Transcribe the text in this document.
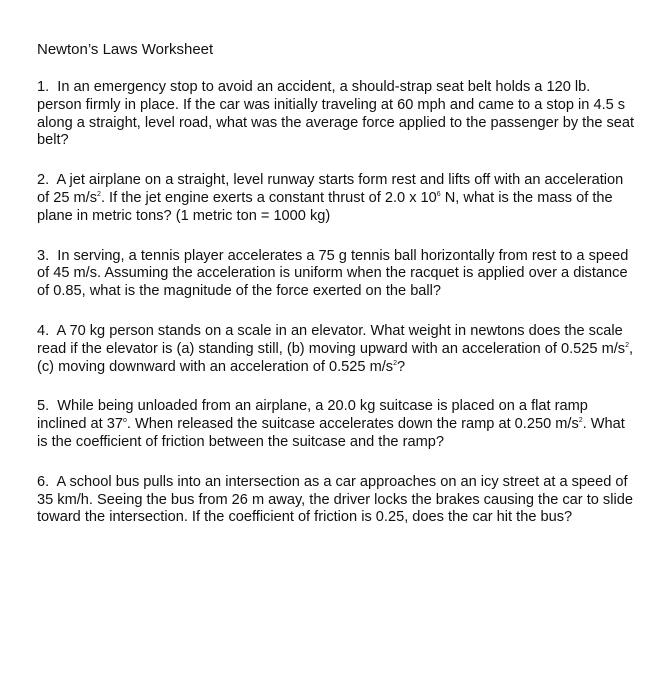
Newton’s Laws Worksheet

1. In an emergency stop to avoid an accident, a should-strap seat belt holds a 120 lb. person firmly in place. If the car was initially traveling at 60 mph and came to a stop in 4.5 s along a straight, level road, what was the average force applied to the passenger by the seat belt?

2. A jet airplane on a straight, level runway starts form rest and lifts off with an acceleration of 25 $m/s^2$. If the jet engine exerts a constant thrust of 2.0 x $10^6$ N, what is the mass of the plane in metric tons? (1 metric ton = 1000 kg)

3. In serving, a tennis player accelerates a 75 g tennis ball horizontally from rest to a speed of 45 m/s. Assuming the acceleration is uniform when the racquet is applied over a distance of 0.85, what is the magnitude of the force exerted on the ball?

4. A 70 kg person stands on a scale in an elevator. What weight in newtons does the scale read if the elevator is (a) standing still, (b) moving upward with an acceleration of 0.525 $m/s^2$, (c) moving downward with an acceleration of 0.525 $m/s^2$?

5. While being unloaded from an airplane, a 20.0 kg suitcase is placed on a flat ramp inclined at 37$^o$. When released the suitcase accelerates down the ramp at 0.250 $m/s^2$. What is the coefficient of friction between the suitcase and the ramp?

6. A school bus pulls into an intersection as a car approaches on an icy street at a speed of 35 km/h. Seeing the bus from 26 m away, the driver locks the brakes causing the car to slide toward the intersection. If the coefficient of friction is 0.25, does the car hit the bus?
